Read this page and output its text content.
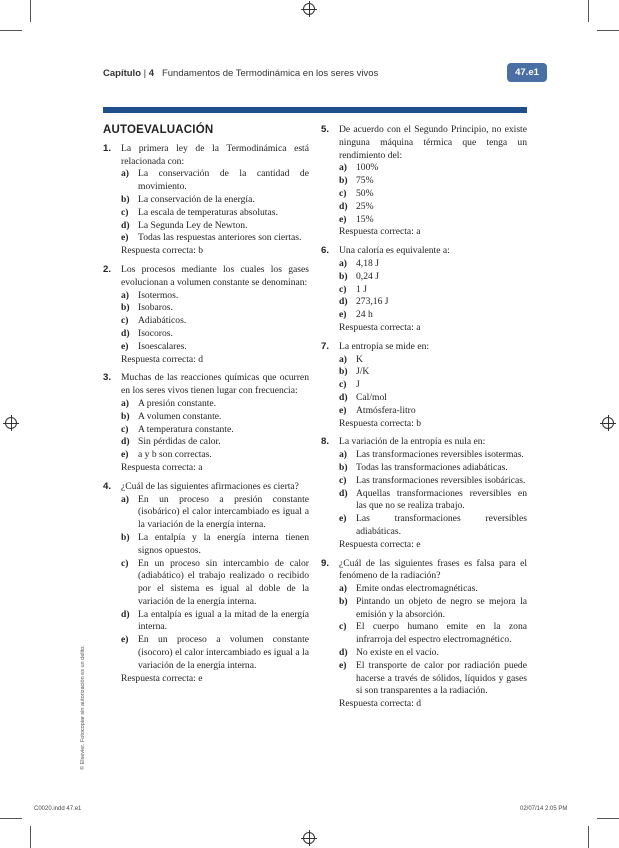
Capítulo | 4 Fundamentos de Termodinámica en los seres vivos	47.e1
AUTOEVALUACIÓN
1. La primera ley de la Termodinámica está relacionada con:
a) La conservación de la cantidad de movimiento.
b) La conservación de la energía.
c) La escala de temperaturas absolutas.
d) La Segunda Ley de Newton.
e) Todas las respuestas anteriores son ciertas.
Respuesta correcta: b
2. Los procesos mediante los cuales los gases evolucionan a volumen constante se denominan:
a) Isotermos.
b) Isobaros.
c) Adiabáticos.
d) Isocoros.
e) Isoescalares.
Respuesta correcta: d
3. Muchas de las reacciones químicas que ocurren en los seres vivos tienen lugar con frecuencia:
a) A presión constante.
b) A volumen constante.
c) A temperatura constante.
d) Sin pérdidas de calor.
e) a y b son correctas.
Respuesta correcta: a
4. ¿Cuál de las siguientes afirmaciones es cierta?
a) En un proceso a presión constante (isobárico) el calor intercambiado es igual a la variación de la energía interna.
b) La entalpía y la energía interna tienen signos opuestos.
c) En un proceso sin intercambio de calor (adiabático) el trabajo realizado o recibido por el sistema es igual al doble de la variación de la energía interna.
d) La entalpía es igual a la mitad de la energía interna.
e) En un proceso a volumen constante (isocoro) el calor intercambiado es igual a la variación de la energía interna.
Respuesta correcta: e
5. De acuerdo con el Segundo Principio, no existe ninguna máquina térmica que tenga un rendimiento del:
a) 100%
b) 75%
c) 50%
d) 25%
e) 15%
Respuesta correcta: a
6. Una caloría es equivalente a:
a) 4,18 J
b) 0,24 J
c) 1 J
d) 273,16 J
e) 24 h
Respuesta correcta: a
7. La entropía se mide en:
a) K
b) J/K
c) J
d) Cal/mol
e) Atmósfera-litro
Respuesta correcta: b
8. La variación de la entropía es nula en:
a) Las transformaciones reversibles isotermas.
b) Todas las transformaciones adiabáticas.
c) Las transformaciones reversibles isobáricas.
d) Aquellas transformaciones reversibles en las que no se realiza trabajo.
e) Las transformaciones reversibles adiabáticas.
Respuesta correcta: e
9. ¿Cuál de las siguientes frases es falsa para el fenómeno de la radiación?
a) Emite ondas electromagnéticas.
b) Pintando un objeto de negro se mejora la emisión y la absorción.
c) El cuerpo humano emite en la zona infrarroja del espectro electromagnético.
d) No existe en el vacío.
e) El transporte de calor por radiación puede hacerse a través de sólidos, líquidos y gases si son transparentes a la radiación.
Respuesta correcta: d
© Elsevier. Fotocopiar sin autorización es un delito.
C0020.indd 47.e1	02/07/14 2:05 PM
